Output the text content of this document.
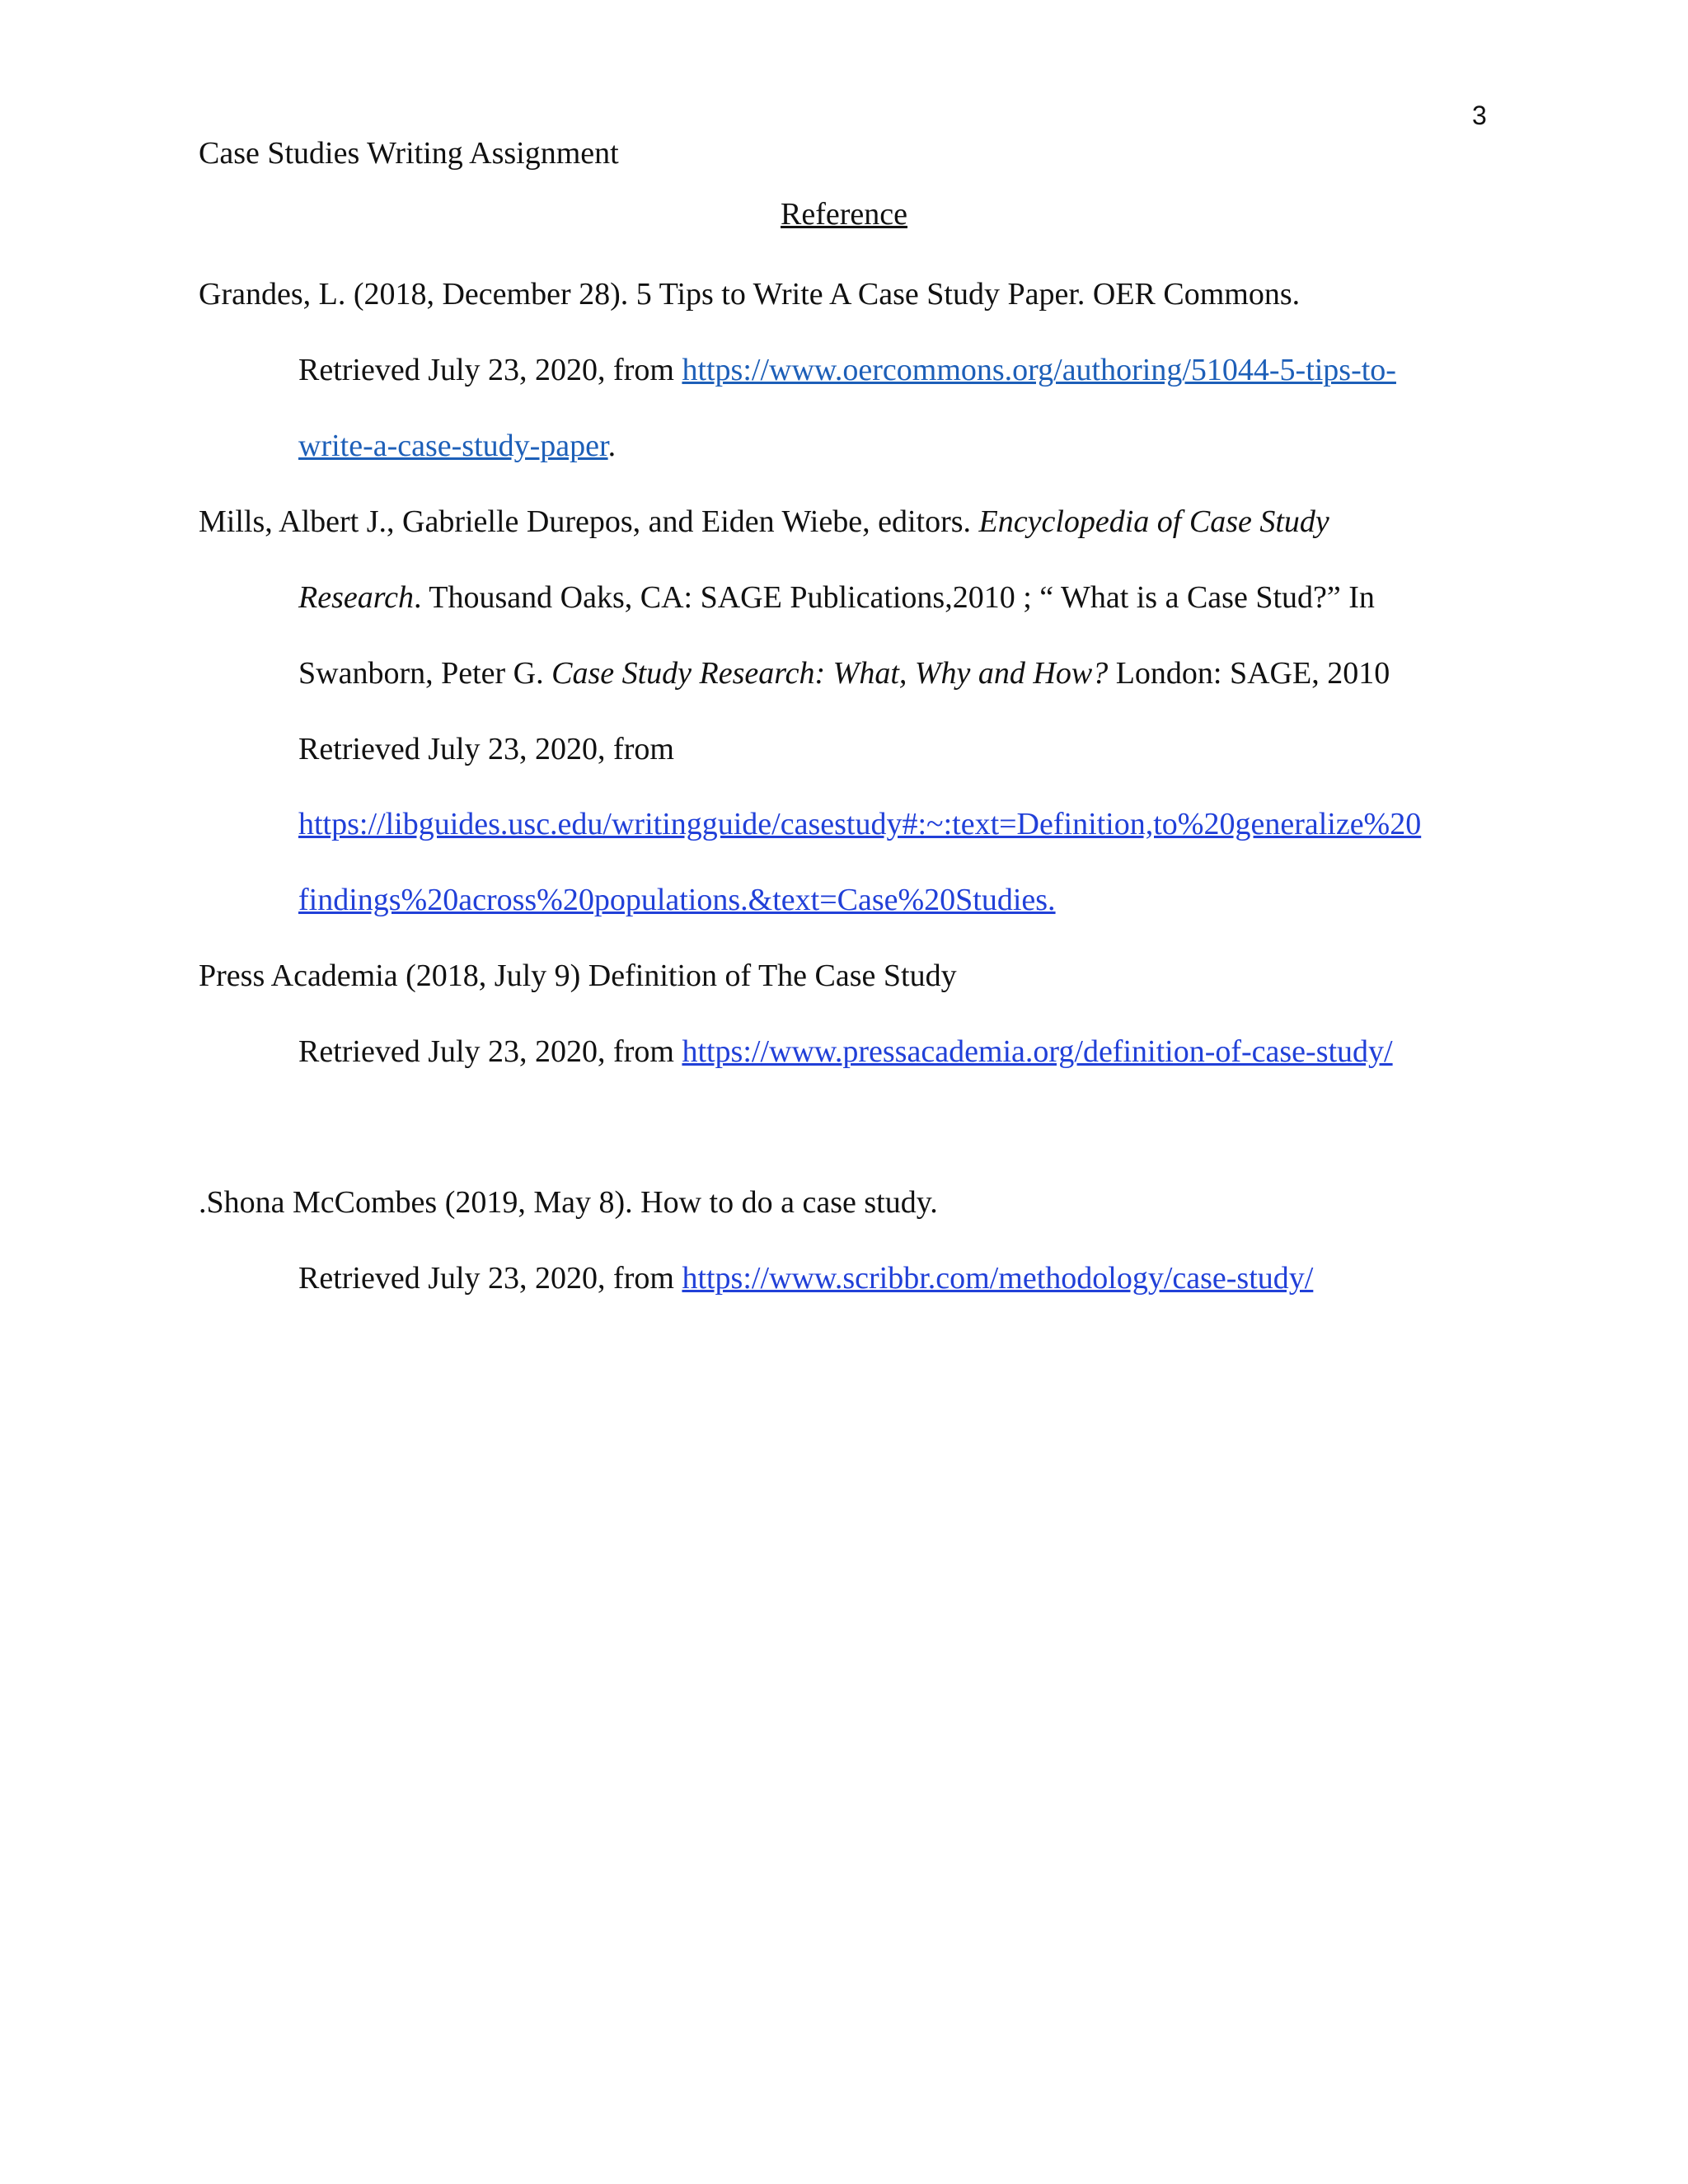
3
Case Studies Writing Assignment
Reference
Grandes, L. (2018, December 28). 5 Tips to Write A Case Study Paper. OER Commons.
Retrieved July 23, 2020, from https://www.oercommons.org/authoring/51044-5-tips-to-
write-a-case-study-paper.
Mills, Albert J., Gabrielle Durepos, and Eiden Wiebe, editors. Encyclopedia of Case Study
Research. Thousand Oaks, CA: SAGE Publications,2010 ; “ What is a Case Stud?” In
Swanborn, Peter G. Case Study Research: What, Why and How? London: SAGE, 2010
Retrieved July 23, 2020, from
https://libguides.usc.edu/writingguide/casestudy#:~:text=Definition,to%20generalize%20
findings%20across%20populations.&text=Case%20Studies.
Press Academia (2018, July 9) Definition of The Case Study
Retrieved July 23, 2020, from https://www.pressacademia.org/definition-of-case-study/
.Shona McCombes (2019, May 8). How to do a case study.
Retrieved July 23, 2020, from https://www.scribbr.com/methodology/case-study/
